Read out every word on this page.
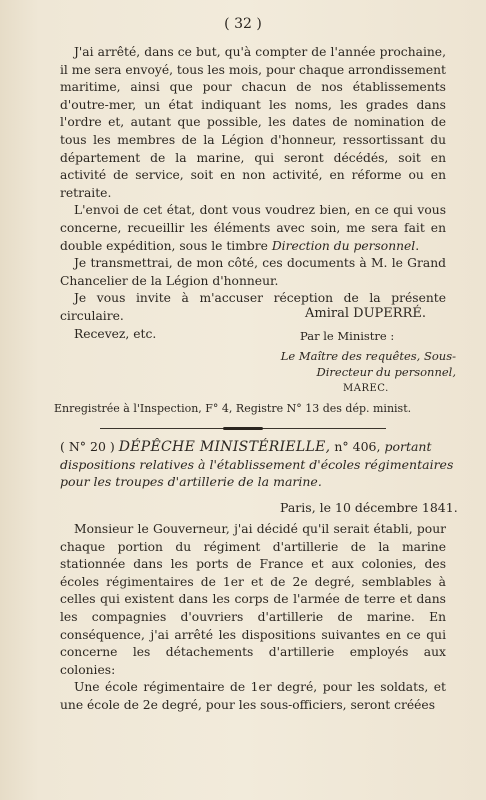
( 32 )

J'ai arrêté, dans ce but, qu'à compter de l'année prochaine, il me sera envoyé, tous les mois, pour chaque arrondissement maritime, ainsi que pour chacun de nos établissements d'outre-mer, un état indiquant les noms, les grades dans l'ordre et, autant que possible, les dates de nomination de tous les membres de la Légion d'honneur, ressortissant du département de la marine, qui seront décédés, soit en activité de service, soit en non activité, en réforme ou en retraite.

L'envoi de cet état, dont vous voudrez bien, en ce qui vous concerne, recueillir les éléments avec soin, me sera fait en double expédition, sous le timbre Direction du personnel.

Je transmettrai, de mon côté, ces documents à M. le Grand Chancelier de la Légion d'honneur.

Je vous invite à m'accuser réception de la présente circulaire.

Recevez, etc.

Amiral DUPERRÉ.
Par le Ministre :
Le Maître des requêtes, Sous-
Directeur du personnel,
MAREC.
Enregistrée à l'Inspection, F° 4, Registre N° 13 des dép. minist.
( N° 20 ) DÉPÊCHE MINISTÉRIELLE, n° 406, portant dispositions relatives à l'établissement d'écoles régimentaires pour les troupes d'artillerie de la marine.
Paris, le 10 décembre 1841.

Monsieur le Gouverneur, j'ai décidé qu'il serait établi, pour chaque portion du régiment d'artillerie de la marine stationnée dans les ports de France et aux colonies, des écoles régimentaires de 1er et de 2e degré, semblables à celles qui existent dans les corps de l'armée de terre et dans les compagnies d'ouvriers d'artillerie de marine. En conséquence, j'ai arrêté les dispositions suivantes en ce qui concerne les détachements d'artillerie employés aux colonies:

Une école régimentaire de 1er degré, pour les soldats, et une école de 2e degré, pour les sous-officiers, seront créées
